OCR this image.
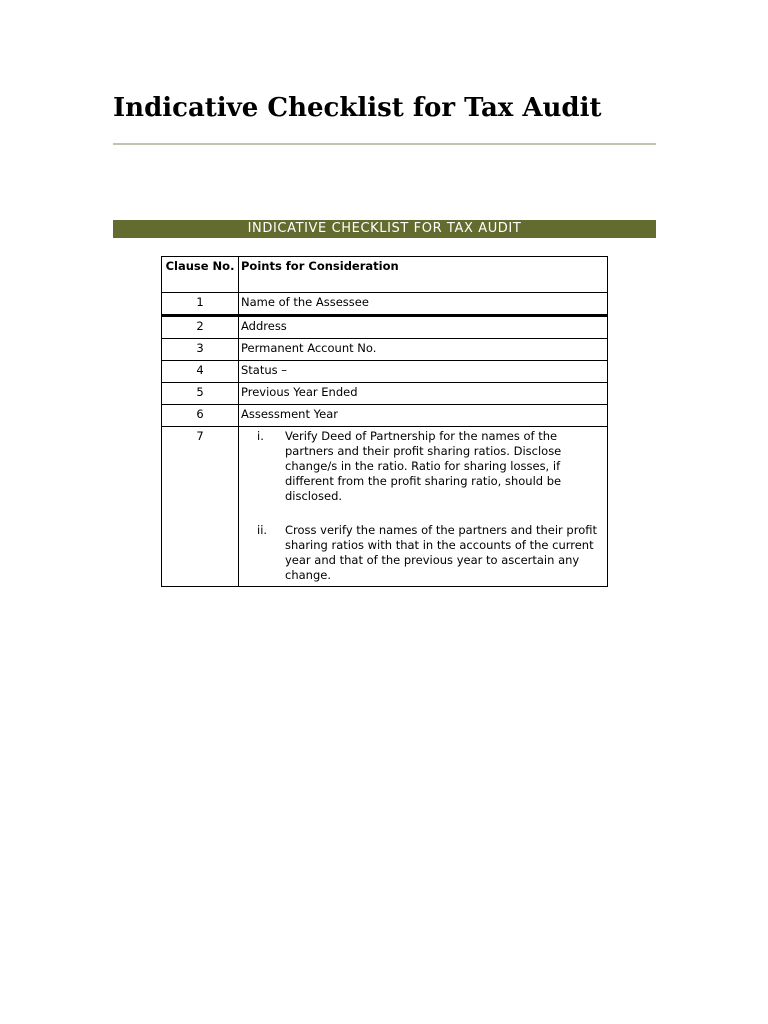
Indicative Checklist for Tax Audit
INDICATIVE CHECKLIST FOR TAX AUDIT
Clause No.	Points for Consideration
1	Name of the Assessee
2	Address
3	Permanent Account No.
4	Status –
5	Previous Year Ended
6	Assessment Year
7	i. Verify Deed of Partnership for the names of the partners and their profit sharing ratios. Disclose change/s in the ratio. Ratio for sharing losses, if different from the profit sharing ratio, should be disclosed.
ii. Cross verify the names of the partners and their profit sharing ratios with that in the accounts of the current year and that of the previous year to ascertain any change.
